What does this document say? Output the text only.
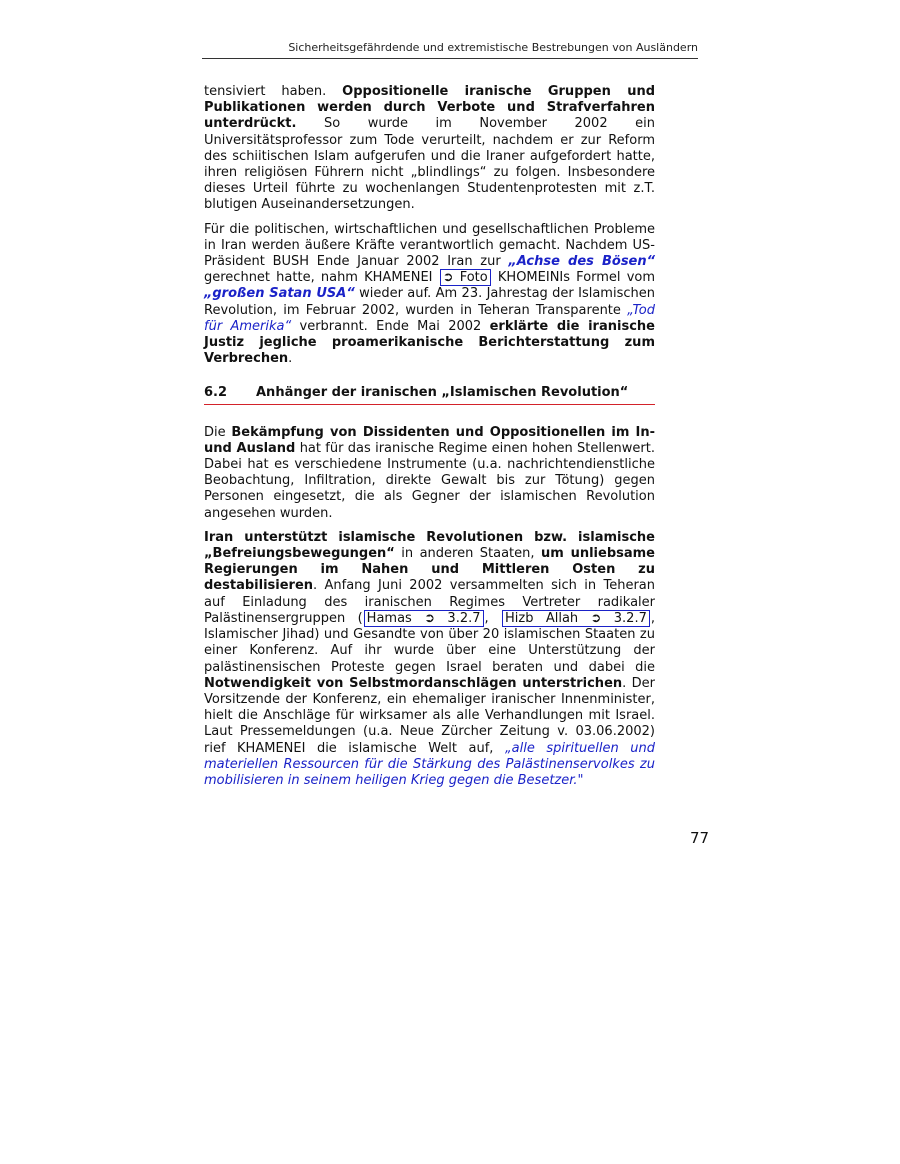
Sicherheitsgefährdende und extremistische Bestrebungen von Ausländern

tensiviert haben. Oppositionelle iranische Gruppen und Publikationen werden durch Verbote und Strafverfahren unterdrückt. So wurde im November 2002 ein Universitätsprofessor zum Tode verurteilt, nachdem er zur Reform des schiitischen Islam aufgerufen und die Iraner aufgefordert hatte, ihren religiösen Führern nicht „blindlings“ zu folgen. Insbesondere dieses Urteil führte zu wochenlangen Studentenprotesten mit z.T. blutigen Auseinandersetzungen.

Für die politischen, wirtschaftlichen und gesellschaftlichen Probleme in Iran werden äußere Kräfte verantwortlich gemacht. Nachdem US-Präsident BUSH Ende Januar 2002 Iran zur „Achse des Bösen“ gerechnet hatte, nahm KHAMENEI ➲ Foto KHOMEINIs Formel vom „großen Satan USA“ wieder auf. Am 23. Jahrestag der Islamischen Revolution, im Februar 2002, wurden in Teheran Transparente „Tod für Amerika“ verbrannt. Ende Mai 2002 erklärte die iranische Justiz jegliche proamerikanische Berichterstattung zum Verbrechen.

6.2 Anhänger der iranischen „Islamischen Revolution“

Die Bekämpfung von Dissidenten und Oppositionellen im In- und Ausland hat für das iranische Regime einen hohen Stellenwert. Dabei hat es verschiedene Instrumente (u.a. nachrichtendienstliche Beobachtung, Infiltration, direkte Gewalt bis zur Tötung) gegen Personen eingesetzt, die als Gegner der islamischen Revolution angesehen wurden.

Iran unterstützt islamische Revolutionen bzw. islamische „Befreiungsbewegungen“ in anderen Staaten, um unliebsame Regierungen im Nahen und Mittleren Osten zu destabilisieren. Anfang Juni 2002 versammelten sich in Teheran auf Einladung des iranischen Regimes Vertreter radikaler Palästinensergruppen ( Hamas ➲ 3.2.7 , Hizb Allah ➲ 3.2.7 , Islamischer Jihad) und Gesandte von über 20 islamischen Staaten zu einer Konferenz. Auf ihr wurde über eine Unterstützung der palästinensischen Proteste gegen Israel beraten und dabei die Notwendigkeit von Selbstmordanschlägen unterstrichen. Der Vorsitzende der Konferenz, ein ehemaliger iranischer Innenminister, hielt die Anschläge für wirksamer als alle Verhandlungen mit Israel. Laut Pressemeldungen (u.a. Neue Zürcher Zeitung v. 03.06.2002) rief KHAMENEI die islamische Welt auf, „alle spirituellen und materiellen Ressourcen für die Stärkung des Palästinenservolkes zu mobilisieren in seinem heiligen Krieg gegen die Besetzer."

77
